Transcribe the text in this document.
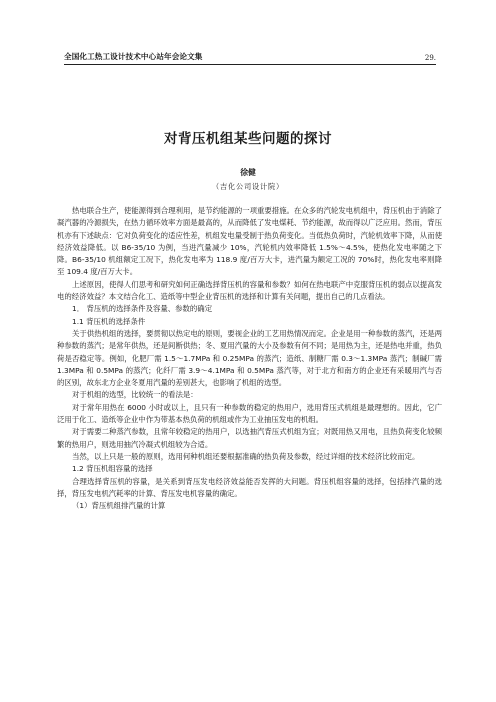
全国化工热工设计技术中心站年会论文集	29.
对背压机组某些问题的探讨
徐健
（吉化公司设计院）

热电联合生产，使能源得到合理利用，是节约能源的一项重要措施。在众多的汽轮发电机组中，背压机由于消除了凝汽器的冷源损失，在热力循环效率方面是最高的，从而降低了发电煤耗、节约能源，故而得以广泛应用。然而，背压机亦有下述缺点：它对负荷变化的适应性差，机组发电量受制于热负荷变化。当低热负荷时，汽轮机效率下降，从而使经济效益降低。以 B6-35/10 为例，当进汽量减少 10%，汽轮机内效率降低 1.5%～4.5%，使热化发电率随之下降。B6-35/10 机组额定工况下，热化发电率为 118.9 度/百万大卡，进汽量为额定工况的 70%时，热化发电率则降至 109.4 度/百万大卡。

上述原因，使得人们思考和研究如何正确选择背压机的容量和参数？如何在热电联产中克服背压机的弱点以提高发电的经济效益？本文结合化工、造纸等中型企业背压机的选择和计算有关问题，提出自己的几点看法。

1． 背压机的选择条件及容量、参数的确定

1.1 背压机的选择条件

关于供热机组的选择，要贯彻以热定电的原则，要视企业的工艺用热情况而定。企业是用一种参数的蒸汽，还是两种参数的蒸汽；是常年供热，还是间断供热；冬、夏用汽量的大小及参数有何不同；是用热为主，还是热电并重，热负荷是否稳定等。例如，化肥厂需 1.5～1.7MPa 和 0.25MPa 的蒸汽；造纸、制糖厂需 0.3～1.3MPa 蒸汽；制碱厂需 1.3MPa 和 0.5MPa 的蒸汽；化纤厂需 3.9～4.1MPa 和 0.5MPa 蒸汽等，对于北方和南方的企业还有采暖用汽与否的区别，故东北方企业冬夏用汽量的差别甚大，也影响了机组的选型。

对于机组的选型，比较统一的看法是：

对于常年用热在 6000 小时或以上，且只有一种参数的稳定的热用户，选用背压式机组是最理想的。因此，它广泛用于化工、造纸等企业中作为带基本热负荷的机组或作为工业抽压发电的机组。

对于需要二种蒸汽参数，且常年较稳定的热用户，以选抽汽背压式机组为宜；对既用热又用电，且热负荷变化较频繁的热用户，则选用抽汽冷凝式机组较为合适。

当然，以上只是一般的原则，选用何种机组还要根据准确的热负荷及参数，经过详细的技术经济比较而定。

1.2 背压机组容量的选择

合理选择背压机的容量，是关系到背压发电经济效益能否发挥的大问题。背压机组容量的选择，包括排汽量的选择，背压发电机汽耗率的计算、背压发电机容量的确定。

（1）背压机组排汽量的计算
